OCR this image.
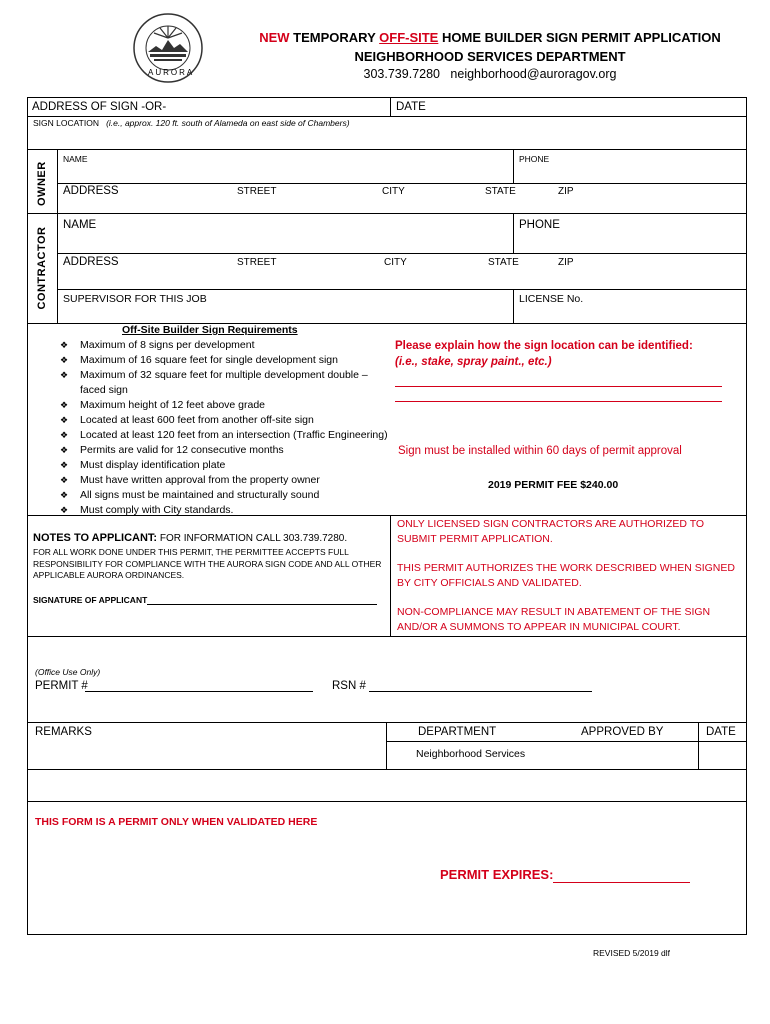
AURORA
NEW TEMPORARY OFF-SITE HOME BUILDER SIGN PERMIT APPLICATION
NEIGHBORHOOD SERVICES DEPARTMENT
303.739.7280 neighborhood@auroragov.org
ADDRESS OF SIGN -OR-	DATE
SIGN LOCATION (i.e., approx. 120 ft. south of Alameda on east side of Chambers)
OWNER
NAME	PHONE
ADDRESS	STREET	CITY	STATE	ZIP
CONTRACTOR
NAME	PHONE
ADDRESS	STREET	CITY	STATE	ZIP
SUPERVISOR FOR THIS JOB	LICENSE No.
Off-Site Builder Sign Requirements
❖ Maximum of 8 signs per development
❖ Maximum of 16 square feet for single development sign
❖ Maximum of 32 square feet for multiple development double – faced sign
❖ Maximum height of 12 feet above grade
❖ Located at least 600 feet from another off-site sign
❖ Located at least 120 feet from an intersection (Traffic Engineering)
❖ Permits are valid for 12 consecutive months
❖ Must display identification plate
❖ Must have written approval from the property owner
❖ All signs must be maintained and structurally sound
❖ Must comply with City standards.
Please explain how the sign location can be identified:
(i.e., stake, spray paint., etc.)
Sign must be installed within 60 days of permit approval
2019 PERMIT FEE $240.00
NOTES TO APPLICANT: FOR INFORMATION CALL 303.739.7280.
FOR ALL WORK DONE UNDER THIS PERMIT, THE PERMITTEE ACCEPTS FULL RESPONSIBILITY FOR COMPLIANCE WITH THE AURORA SIGN CODE AND ALL OTHER APPLICABLE AURORA ORDINANCES.
SIGNATURE OF APPLICANT
ONLY LICENSED SIGN CONTRACTORS ARE AUTHORIZED TO SUBMIT PERMIT APPLICATION.
THIS PERMIT AUTHORIZES THE WORK DESCRIBED WHEN SIGNED BY CITY OFFICIALS AND VALIDATED.
NON-COMPLIANCE MAY RESULT IN ABATEMENT OF THE SIGN AND/OR A SUMMONS TO APPEAR IN MUNICIPAL COURT.
(Office Use Only)
PERMIT #	RSN #
REMARKS	DEPARTMENT	APPROVED BY	DATE
Neighborhood Services
THIS FORM IS A PERMIT ONLY WHEN VALIDATED HERE
PERMIT EXPIRES:
REVISED 5/2019 dlf
